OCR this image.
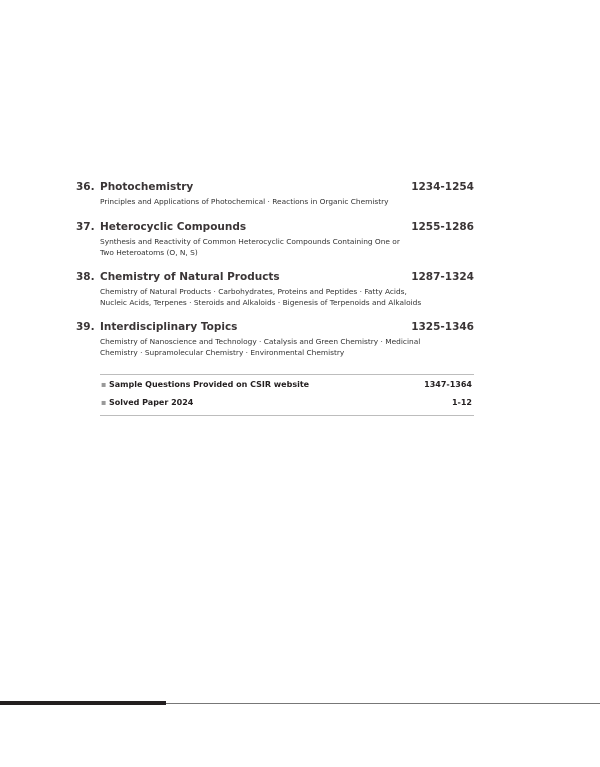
36. Photochemistry	1234-1254
Principles and Applications of Photochemical · Reactions in Organic Chemistry
37. Heterocyclic Compounds	1255-1286
Synthesis and Reactivity of Common Heterocyclic Compounds Containing One or Two Heteroatoms (O, N, S)
38. Chemistry of Natural Products	1287-1324
Chemistry of Natural Products · Carbohydrates, Proteins and Peptides · Fatty Acids, Nucleic Acids, Terpenes · Steroids and Alkaloids · Bigenesis of Terpenoids and Alkaloids
39. Interdisciplinary Topics	1325-1346
Chemistry of Nanoscience and Technology · Catalysis and Green Chemistry · Medicinal Chemistry · Supramolecular Chemistry · Environmental Chemistry
▪ Sample Questions Provided on CSIR website	1347-1364
▪ Solved Paper 2024	1-12
